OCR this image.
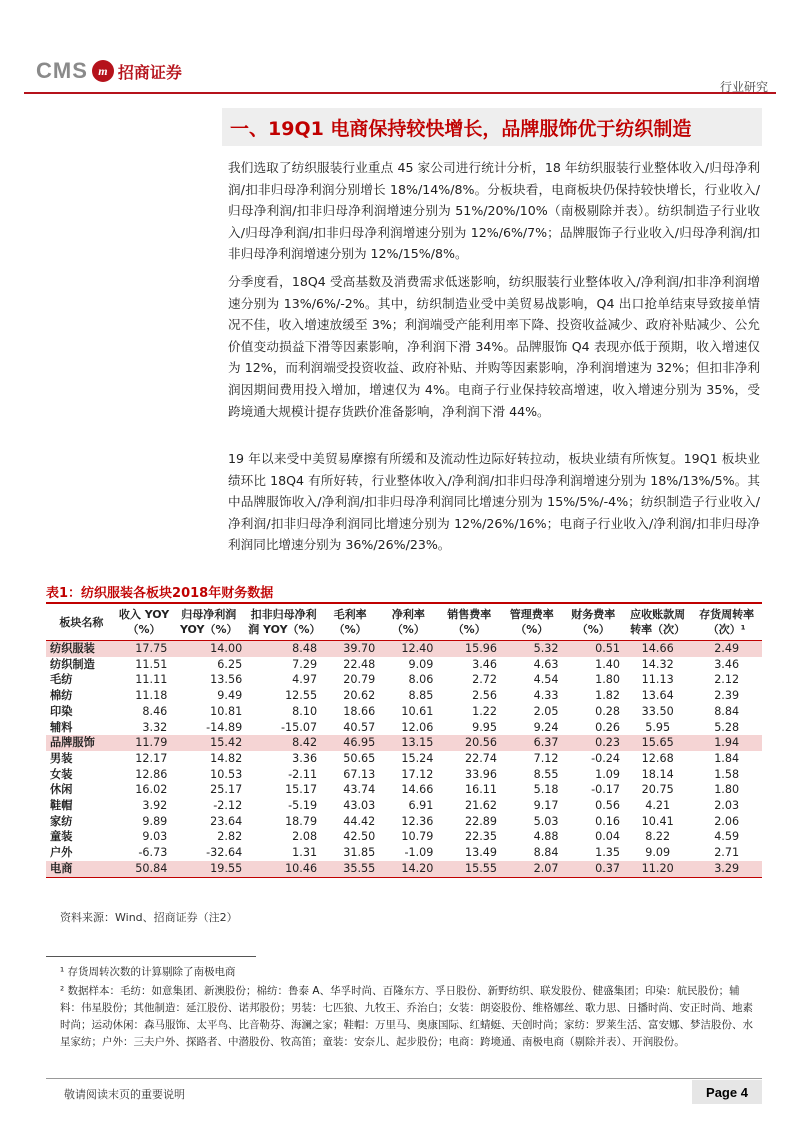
CMS m 招商证券
行业研究
一、19Q1 电商保持较快增长，品牌服饰优于纺织制造
我们选取了纺织服装行业重点 45 家公司进行统计分析，18 年纺织服装行业整体收入/归母净利润/扣非归母净利润分别增长 18%/14%/8%。分板块看，电商板块仍保持较快增长，行业收入/归母净利润/扣非归母净利润增速分别为 51%/20%/10%（南极剔除并表）。纺织制造子行业收入/归母净利润/扣非归母净利润增速分别为 12%/6%/7%；品牌服饰子行业收入/归母净利润/扣非归母净利润增速分别为 12%/15%/8%。
分季度看，18Q4 受高基数及消费需求低迷影响，纺织服装行业整体收入/净利润/扣非净利润增速分别为 13%/6%/-2%。其中，纺织制造业受中美贸易战影响，Q4 出口抢单结束导致接单情况不佳，收入增速放缓至 3%；利润端受产能利用率下降、投资收益减少、政府补贴减少、公允价值变动损益下滑等因素影响，净利润下滑 34%。品牌服饰 Q4 表现亦低于预期，收入增速仅为 12%，而利润端受投资收益、政府补贴、并购等因素影响，净利润增速为 32%；但扣非净利润因期间费用投入增加，增速仅为 4%。电商子行业保持较高增速，收入增速分别为 35%，受跨境通大规模计提存货跌价准备影响，净利润下滑 44%。
19 年以来受中美贸易摩擦有所缓和及流动性边际好转拉动，板块业绩有所恢复。19Q1 板块业绩环比 18Q4 有所好转，行业整体收入/净利润/扣非归母净利润增速分别为 18%/13%/5%。其中品牌服饰收入/净利润/扣非归母净利润同比增速分别为 15%/5%/-4%；纺织制造子行业收入/净利润/扣非归母净利润同比增速分别为 12%/26%/16%；电商子行业收入/净利润/扣非归母净利润同比增速分别为 36%/26%/23%。
表1：纺织服装各板块2018年财务数据
板块名称	收入 YOY（%）	归母净利润 YOY（%）	扣非归母净利润 YOY（%）	毛利率（%）	净利率（%）	销售费率（%）	管理费率（%）	财务费率（%）	应收账款周转率（次）	存货周转率（次）¹
纺织服装	17.75	14.00	8.48	39.70	12.40	15.96	5.32	0.51	14.66	2.49
纺织制造	11.51	6.25	7.29	22.48	9.09	3.46	4.63	1.40	14.32	3.46
毛纺	11.11	13.56	4.97	20.79	8.06	2.72	4.54	1.80	11.13	2.12
棉纺	11.18	9.49	12.55	20.62	8.85	2.56	4.33	1.82	13.64	2.39
印染	8.46	10.81	8.10	18.66	10.61	1.22	2.05	0.28	33.50	8.84
辅料	3.32	-14.89	-15.07	40.57	12.06	9.95	9.24	0.26	5.95	5.28
品牌服饰	11.79	15.42	8.42	46.95	13.15	20.56	6.37	0.23	15.65	1.94
男装	12.17	14.82	3.36	50.65	15.24	22.74	7.12	-0.24	12.68	1.84
女装	12.86	10.53	-2.11	67.13	17.12	33.96	8.55	1.09	18.14	1.58
休闲	16.02	25.17	15.17	43.74	14.66	16.11	5.18	-0.17	20.75	1.80
鞋帽	3.92	-2.12	-5.19	43.03	6.91	21.62	9.17	0.56	4.21	2.03
家纺	9.89	23.64	18.79	44.42	12.36	22.89	5.03	0.16	10.41	2.06
童装	9.03	2.82	2.08	42.50	10.79	22.35	4.88	0.04	8.22	4.59
户外	-6.73	-32.64	1.31	31.85	-1.09	13.49	8.84	1.35	9.09	2.71
电商	50.84	19.55	10.46	35.55	14.20	15.55	2.07	0.37	11.20	3.29
资料来源：Wind、招商证券（注2）
¹ 存货周转次数的计算剔除了南极电商
² 数据样本：毛纺：如意集团、新澳股份；棉纺：鲁泰 A、华孚时尚、百隆东方、孚日股份、新野纺织、联发股份、健盛集团；印染：航民股份；辅料：伟星股份；其他制造：延江股份、诺邦股份；男装：七匹狼、九牧王、乔治白；女装：朗姿股份、维格娜丝、歌力思、日播时尚、安正时尚、地素时尚；运动休闲：森马服饰、太平鸟、比音勒芬、海澜之家；鞋帽：万里马、奥康国际、红蜻蜓、天创时尚；家纺：罗莱生活、富安娜、梦洁股份、水星家纺；户外：三夫户外、探路者、中潜股份、牧高笛；童装：安奈儿、起步股份；电商：跨境通、南极电商（剔除并表）、开润股份。
敬请阅读末页的重要说明	Page 4
